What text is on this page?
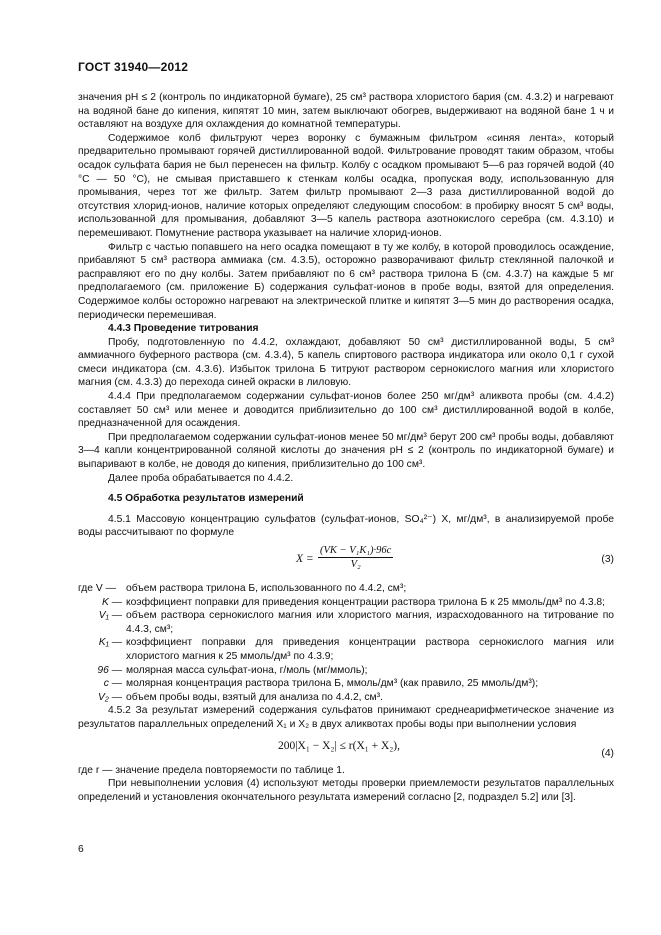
ГОСТ 31940—2012

значения pH ≤ 2 (контроль по индикаторной бумаге), 25 см³ раствора хлористого бария (см. 4.3.2) и нагревают на водяной бане до кипения, кипятят 10 мин, затем выключают обогрев, выдерживают на водяной бане 1 ч и оставляют на воздухе для охлаждения до комнатной температуры.

Содержимое колб фильтруют через воронку с бумажным фильтром «синяя лента», который предварительно промывают горячей дистиллированной водой. Фильтрование проводят таким образом, чтобы осадок сульфата бария не был перенесен на фильтр. Колбу с осадком промывают 5—6 раз горячей водой (40 °С — 50 °С), не смывая приставшего к стенкам колбы осадка, пропуская воду, использованную для промывания, через тот же фильтр. Затем фильтр промывают 2—3 раза дистиллированной водой до отсутствия хлорид-ионов, наличие которых определяют следующим способом: в пробирку вносят 5 см³ воды, использованной для промывания, добавляют 3—5 капель раствора азотнокислого серебра (см. 4.3.10) и перемешивают. Помутнение раствора указывает на наличие хлорид-ионов.

Фильтр с частью попавшего на него осадка помещают в ту же колбу, в которой проводилось осаждение, прибавляют 5 см³ раствора аммиака (см. 4.3.5), осторожно разворачивают фильтр стеклянной палочкой и расправляют его по дну колбы. Затем прибавляют по 6 см³ раствора трилона Б (см. 4.3.7) на каждые 5 мг предполагаемого (см. приложение Б) содержания сульфат-ионов в пробе воды, взятой для определения. Содержимое колбы осторожно нагревают на электрической плитке и кипятят 3—5 мин до растворения осадка, периодически перемешивая.

4.4.3 Проведение титрования

Пробу, подготовленную по 4.4.2, охлаждают, добавляют 50 см³ дистиллированной воды, 5 см³ аммиачного буферного раствора (см. 4.3.4), 5 капель спиртового раствора индикатора или около 0,1 г сухой смеси индикатора (см. 4.3.6). Избыток трилона Б титруют раствором сернокислого магния или хлористого магния (см. 4.3.3) до перехода синей окраски в лиловую.

4.4.4 При предполагаемом содержании сульфат-ионов более 250 мг/дм³ аликвота пробы (см. 4.4.2) составляет 50 см³ или менее и доводится приблизительно до 100 см³ дистиллированной водой в колбе, предназначенной для осаждения.

При предполагаемом содержании сульфат-ионов менее 50 мг/дм³ берут 200 см³ пробы воды, добавляют 3—4 капли концентрированной соляной кислоты до значения pH ≤ 2 (контроль по индикаторной бумаге) и выпаривают в колбе, не доводя до кипения, приблизительно до 100 см³.

Далее проба обрабатывается по 4.4.2.

4.5 Обработка результатов измерений

4.5.1 Массовую концентрацию сульфатов (сульфат-ионов, SO₄²⁻) X, мг/дм³, в анализируемой пробе воды рассчитывают по формуле

$X = \frac{\text{(VK − V₁K₁)·96c}}{\text{V₂}}$	(3)
где V — объем раствора трилона Б, использованного по 4.4.2, см³;
K — коэффициент поправки для приведения концентрации раствора трилона Б к 25 ммоль/дм³ по 4.3.8;
V₁ — объем раствора сернокислого магния или хлористого магния, израсходованного на титрование по 4.4.3, см³;
K₁ — коэффициент поправки для приведения концентрации раствора сернокислого магния или хлористого магния к 25 ммоль/дм³ по 4.3.9;
96 — молярная масса сульфат-иона, г/моль (мг/ммоль);
c — молярная концентрация раствора трилона Б, ммоль/дм³ (как правило, 25 ммоль/дм³);
V₂ — объем пробы воды, взятый для анализа по 4.4.2, см³.

4.5.2 За результат измерений содержания сульфатов принимают среднеарифметическое значение из результатов параллельных определений X₁ и X₂ в двух аликвотах пробы воды при выполнении условия

200|X₁ − X₂| ≤ r(X₁ + X₂),
(4)

где r — значение предела повторяемости по таблице 1.

При невыполнении условия (4) используют методы проверки приемлемости результатов параллельных определений и установления окончательного результата измерений согласно [2, подраздел 5.2] или [3].

6
